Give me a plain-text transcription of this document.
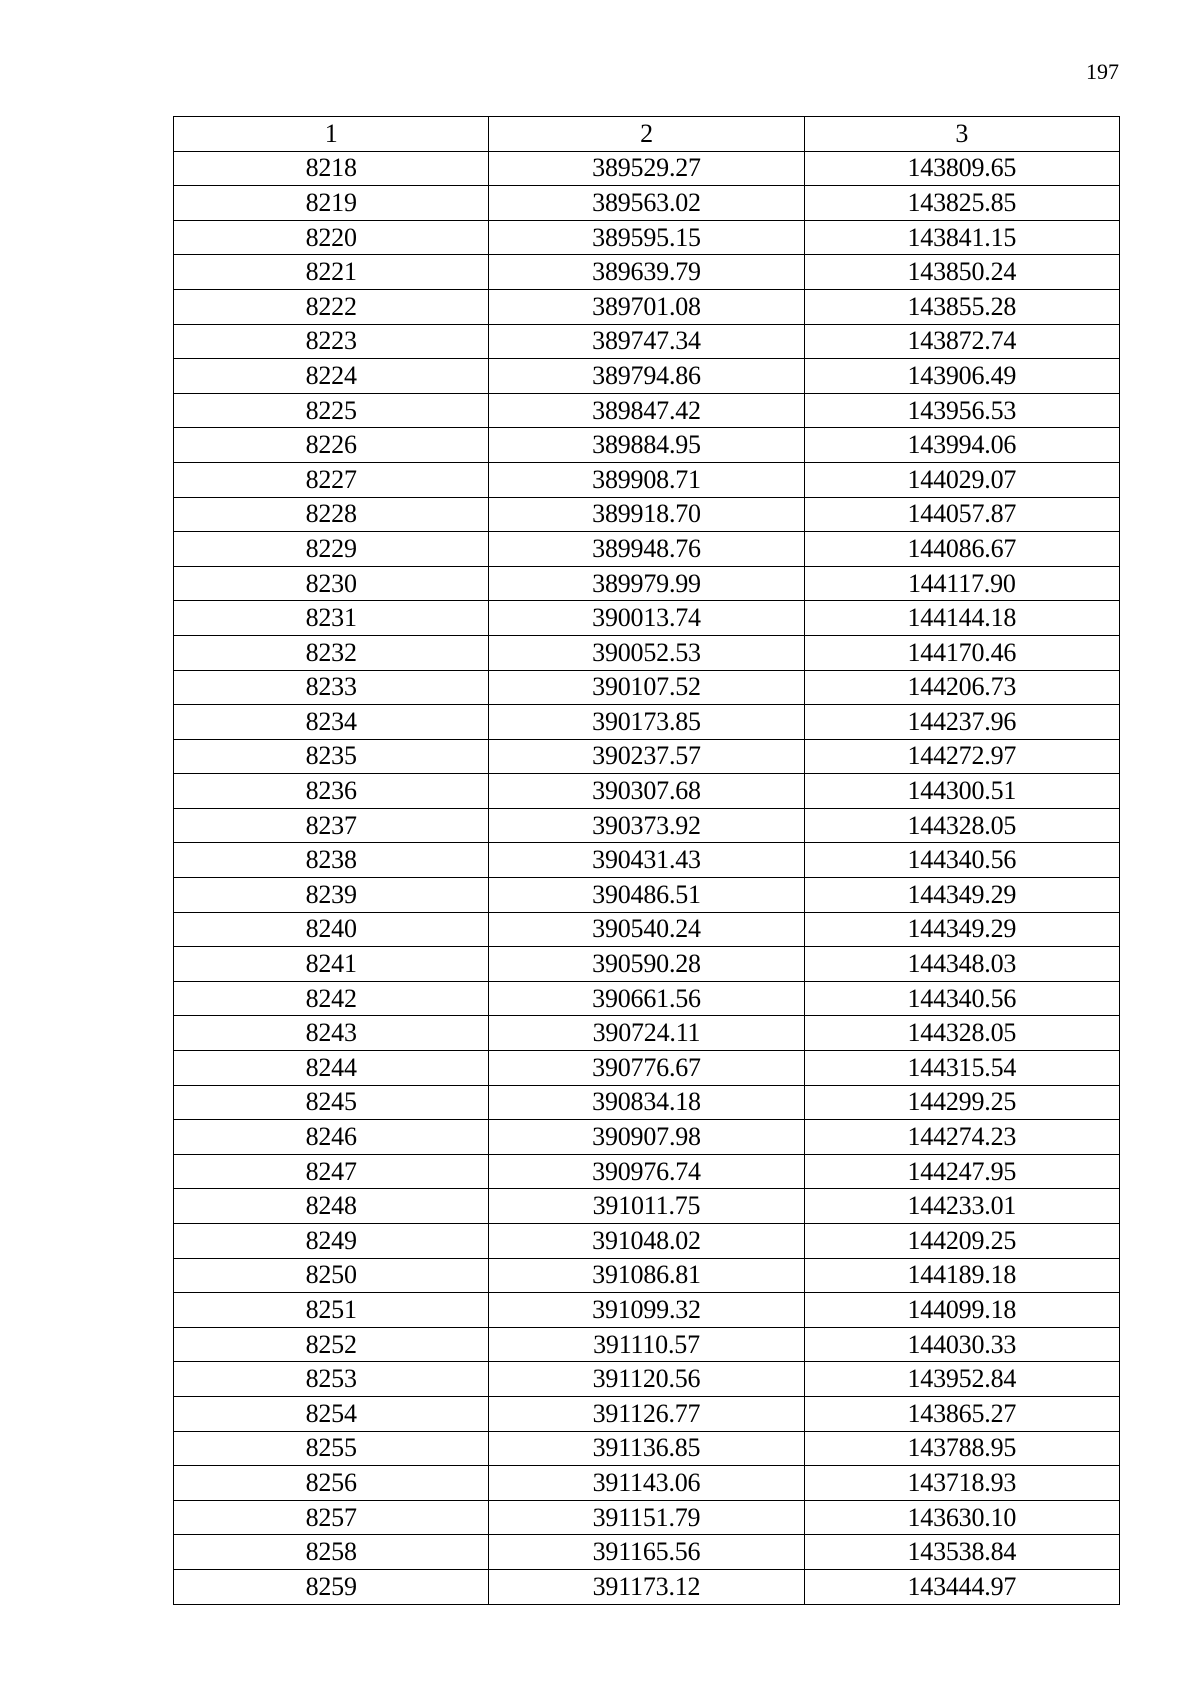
197
1	2	3
8218	389529.27	143809.65
8219	389563.02	143825.85
8220	389595.15	143841.15
8221	389639.79	143850.24
8222	389701.08	143855.28
8223	389747.34	143872.74
8224	389794.86	143906.49
8225	389847.42	143956.53
8226	389884.95	143994.06
8227	389908.71	144029.07
8228	389918.70	144057.87
8229	389948.76	144086.67
8230	389979.99	144117.90
8231	390013.74	144144.18
8232	390052.53	144170.46
8233	390107.52	144206.73
8234	390173.85	144237.96
8235	390237.57	144272.97
8236	390307.68	144300.51
8237	390373.92	144328.05
8238	390431.43	144340.56
8239	390486.51	144349.29
8240	390540.24	144349.29
8241	390590.28	144348.03
8242	390661.56	144340.56
8243	390724.11	144328.05
8244	390776.67	144315.54
8245	390834.18	144299.25
8246	390907.98	144274.23
8247	390976.74	144247.95
8248	391011.75	144233.01
8249	391048.02	144209.25
8250	391086.81	144189.18
8251	391099.32	144099.18
8252	391110.57	144030.33
8253	391120.56	143952.84
8254	391126.77	143865.27
8255	391136.85	143788.95
8256	391143.06	143718.93
8257	391151.79	143630.10
8258	391165.56	143538.84
8259	391173.12	143444.97
